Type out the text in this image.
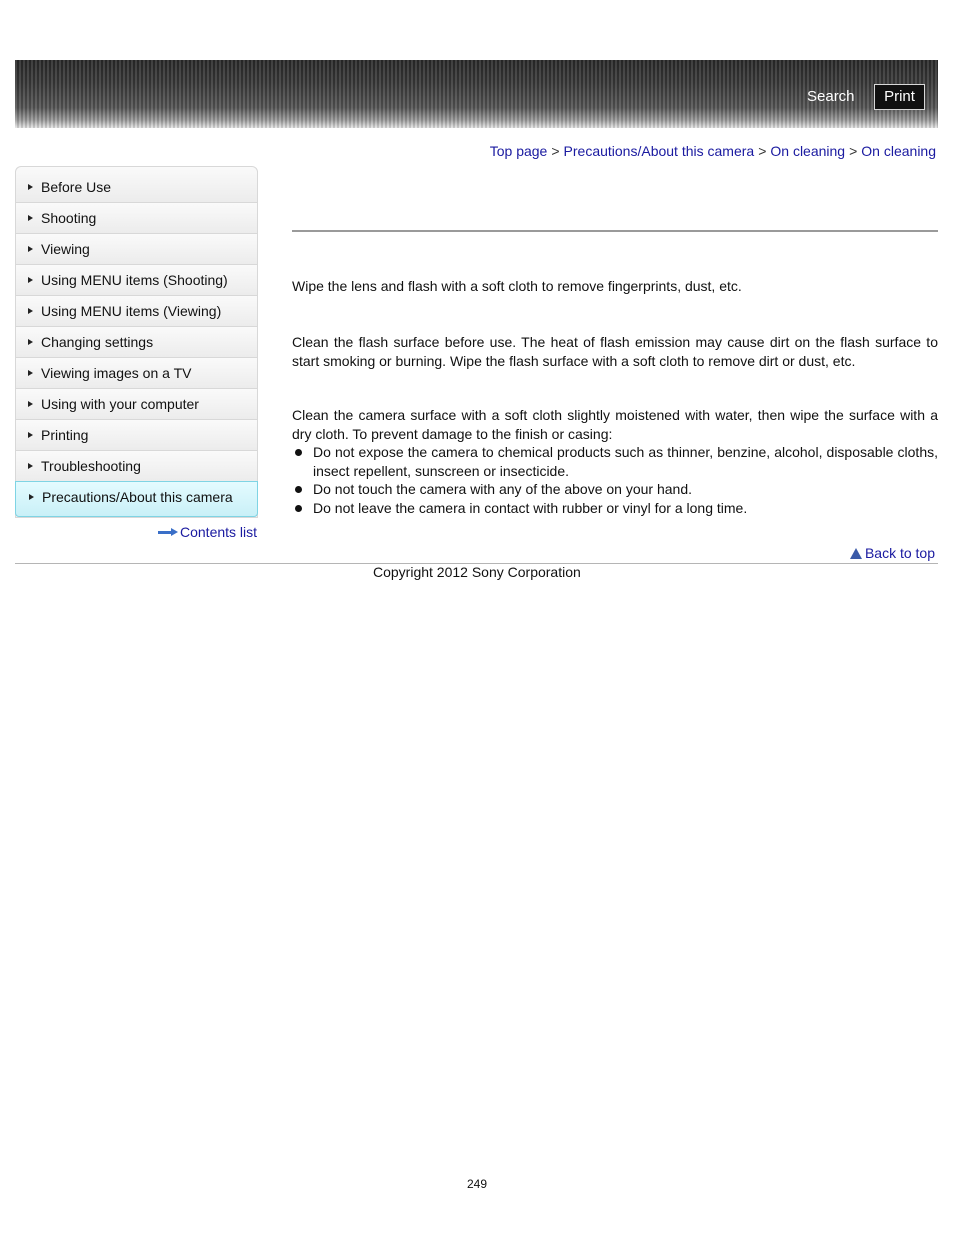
Search	Print
Top page > Precautions/About this camera > On cleaning > On cleaning
Before Use
Shooting
Viewing
Using MENU items (Shooting)
Using MENU items (Viewing)
Changing settings
Viewing images on a TV
Using with your computer
Printing
Troubleshooting
Precautions/About this camera
Contents list

Wipe the lens and flash with a soft cloth to remove fingerprints, dust, etc.

Clean the flash surface before use. The heat of flash emission may cause dirt on the flash surface to start smoking or burning. Wipe the flash surface with a soft cloth to remove dirt or dust, etc.

Clean the camera surface with a soft cloth slightly moistened with water, then wipe the surface with a dry cloth. To prevent damage to the finish or casing:

Do not expose the camera to chemical products such as thinner, benzine, alcohol, disposable cloths, insect repellent, sunscreen or insecticide.
Do not touch the camera with any of the above on your hand.
Do not leave the camera in contact with rubber or vinyl for a long time.
Back to top
Copyright 2012 Sony Corporation
249
